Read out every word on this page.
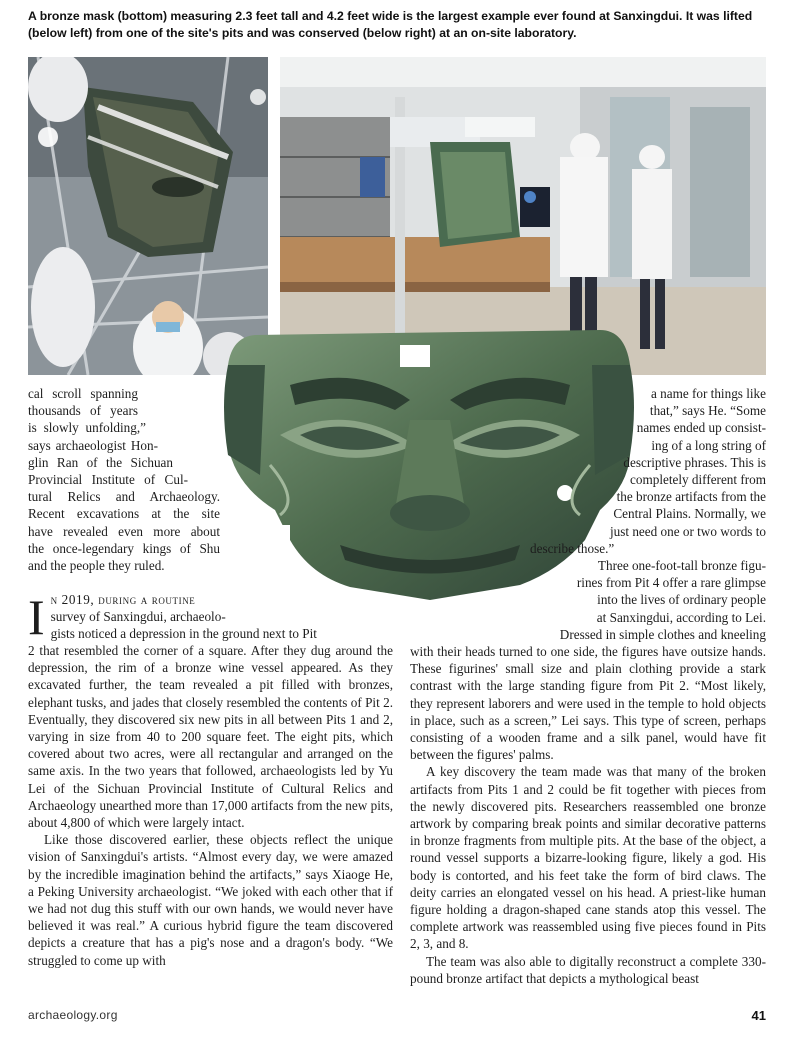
A bronze mask (bottom) measuring 2.3 feet tall and 4.2 feet wide is the largest example ever found at Sanxingdui. It was lifted (below left) from one of the site's pits and was conserved (below right) at an on-site laboratory.
cal scroll spanning
thousands of years
is slowly unfolding,”
says archaeologist Hon-
glin Ran of the Sichuan
Provincial Institute of Cul-
tural Relics and Archaeology.
Recent excavations at the site
have revealed even more about
the once-legendary kings of Shu
and the people they ruled.
a name for things like
that,” says He. “Some
names ended up consist-
ing of a long string of
descriptive phrases. This is
completely different from
the bronze artifacts from the
Central Plains. Normally, we
just need one or two words to
describe those.”
Three one-foot-tall bronze figu-
rines from Pit 4 offer a rare glimpse
into the lives of ordinary people
at Sanxingdui, according to Lei.
Dressed in simple clothes and kneeling

with their heads turned to one side, the figures have outsize hands. These figurines' small size and plain clothing provide a stark contrast with the large standing figure from Pit 2. “Most likely, they represent laborers and were used in the temple to hold objects in place, such as a screen,” Lei says. This type of screen, perhaps consisting of a wooden frame and a silk panel, would have fit between the figures' palms.

A key discovery the team made was that many of the broken artifacts from Pits 1 and 2 could be fit together with pieces from the newly discovered pits. Researchers reassembled one bronze artwork by comparing break points and similar decorative patterns in bronze fragments from multiple pits. At the base of the object, a round vessel supports a bizarre-looking figure, likely a god. His body is contorted, and his feet take the form of bird claws. The deity carries an elongated vessel on his head. A priest-like human figure holding a dragon-shaped cane stands atop this vessel. The complete artwork was reassembled using five pieces found in Pits 2, 3, and 8.

The team was also able to digitally reconstruct a complete 330-pound bronze artifact that depicts a mythological beast

I n 2019, during a routine
survey of Sanxingdui, archaeolo-
gists noticed a depression in the ground next to Pit

2 that resembled the corner of a square. After they dug around the depression, the rim of a bronze wine vessel appeared. As they excavated further, the team revealed a pit filled with bronzes, elephant tusks, and jades that closely resembled the contents of Pit 2. Eventually, they discovered six new pits in all between Pits 1 and 2, varying in size from 40 to 200 square feet. The eight pits, which covered about two acres, were all rectangular and arranged on the same axis. In the two years that followed, archaeologists led by Yu Lei of the Sichuan Provincial Institute of Cultural Relics and Archaeology unearthed more than 17,000 artifacts from the new pits, about 4,800 of which were largely intact.

Like those discovered earlier, these objects reflect the unique vision of Sanxingdui's artists. “Almost every day, we were amazed by the incredible imagination behind the artifacts,” says Xiaoge He, a Peking University archaeologist. “We joked with each other that if we had not dug this stuff with our own hands, we would never have believed it was real.” A curious hybrid figure the team discovered depicts a creature that has a pig's nose and a dragon's body. “We struggled to come up with

archaeology.org	41
